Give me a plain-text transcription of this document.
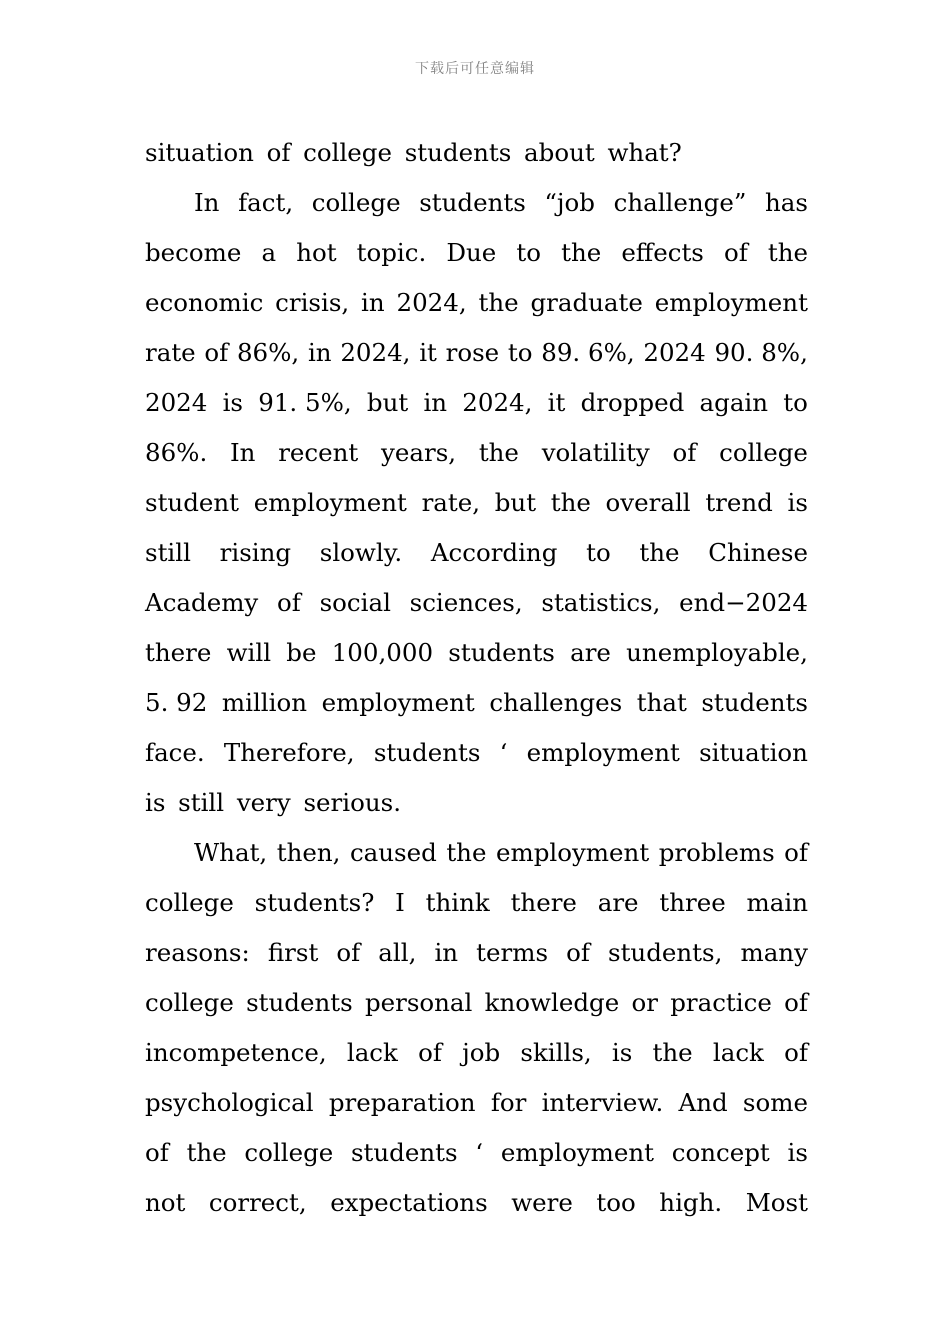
下载后可任意编辑
situation of college students about what?
In fact, college students “job challenge” has
become a hot topic. Due to the effects of the
economic crisis, in 2024, the graduate employment
rate of 86%, in 2024, it rose to 89. 6%, 2024 90. 8%,
2024 is 91. 5%, but in 2024, it dropped again to
86%. In recent years, the volatility of college
student employment rate, but the overall trend is
still rising slowly. According to the Chinese
Academy of social sciences, statistics, end−2024
there will be 100,000 students are unemployable,
5. 92 million employment challenges that students
face. Therefore, students ‘ employment situation
is still very serious.
What, then, caused the employment problems of
college students? I think there are three main
reasons: first of all, in terms of students, many
college students personal knowledge or practice of
incompetence, lack of job skills, is the lack of
psychological preparation for interview. And some
of the college students ‘ employment concept is
not correct, expectations were too high. Most
